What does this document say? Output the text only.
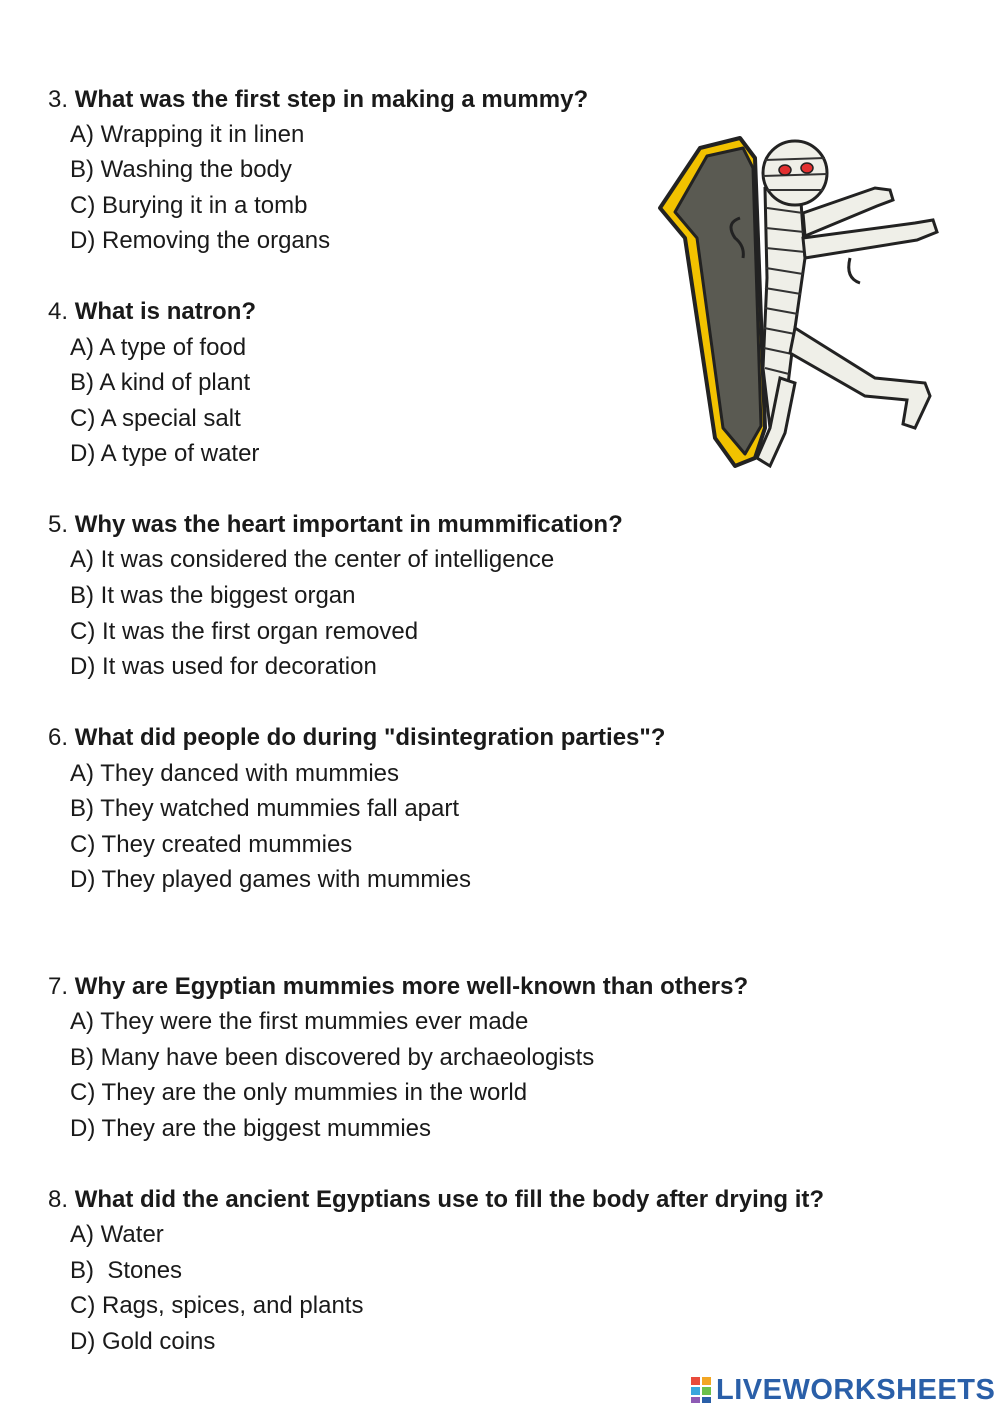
3. What was the first step in making a mummy?
A) Wrapping it in linen
B) Washing the body
C) Burying it in a tomb
D) Removing the organs
4. What is natron?
A) A type of food
B) A kind of plant
C) A special salt
D) A type of water
5. Why was the heart important in mummification?
A) It was considered the center of intelligence
B) It was the biggest organ
C) It was the first organ removed
D) It was used for decoration
6. What did people do during "disintegration parties"?
A) They danced with mummies
B) They watched mummies fall apart
C) They created mummies
D) They played games with mummies
7. Why are Egyptian mummies more well-known than others?
A) They were the first mummies ever made
B) Many have been discovered by archaeologists
C) They are the only mummies in the world
D) They are the biggest mummies
8. What did the ancient Egyptians use to fill the body after drying it?
A) Water
B)  Stones
C) Rags, spices, and plants
D) Gold coins
LIVEWORKSHEETS
